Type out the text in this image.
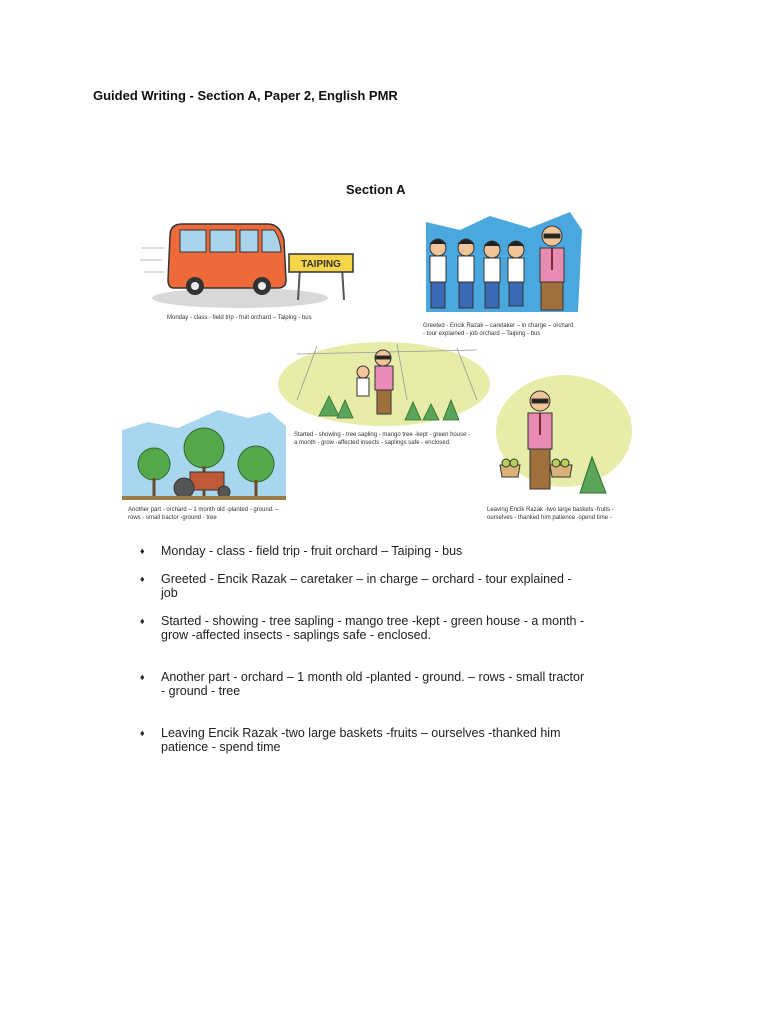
Guided Writing - Section A, Paper 2, English PMR
Section A
TAIPING
Monday - class - field trip - fruit orchard – Taiping - bus
Greeted - Encik Razak – caretaker – in charge – orchard
- tour explained - job orchard – Taiping - bus
Started - showing - tree sapling - mango tree -kept - green house -
a month - grow -affected insects - saplings safe - enclosed.
Another part - orchard – 1 month old -planted - ground. –
rows - small tractor -ground - tree
Leaving Encik Razak -two large baskets -fruits -
ourselves - thanked him patience -spend time -
♦ Monday - class - field trip - fruit orchard – Taiping - bus
♦ Greeted - Encik Razak – caretaker – in charge – orchard - tour explained -
job
♦ Started - showing - tree sapling - mango tree -kept - green house - a month -
grow -affected insects - saplings safe - enclosed.
♦ Another part - orchard – 1 month old -planted - ground. – rows - small tractor
- ground - tree
♦ Leaving Encik Razak -two large baskets -fruits – ourselves -thanked him
patience - spend time
